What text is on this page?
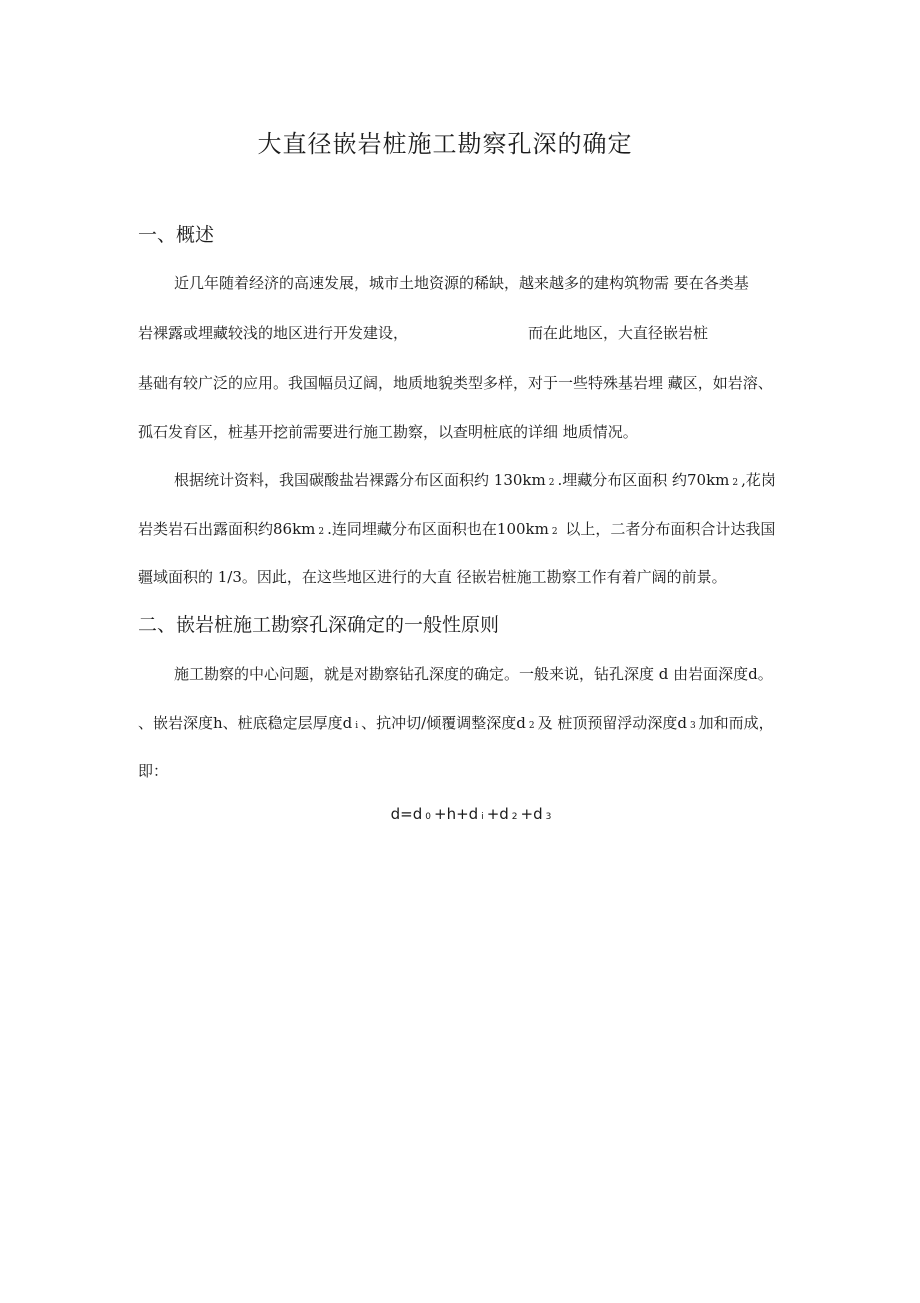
大直径嵌岩桩施工勘察孔深的确定
一、概述
近几年随着经济的高速发展，城市土地资源的稀缺，越来越多的建构筑物需 要在各类基
岩裸露或埋藏较浅的地区进行开发建设，	而在此地区，大直径嵌岩桩
基础有较广泛的应用。我国幅员辽阔，地质地貌类型多样，对于一些特殊基岩埋 藏区，如岩溶、
孤石发育区，桩基开挖前需要进行施工勘察，以查明桩底的详细 地质情况。
根据统计资料，我国碳酸盐岩裸露分布区面积约 130km 2 .埋藏分布区面积 约70km 2 ,花岗
岩类岩石出露面积约86km 2 .连同埋藏分布区面积也在100km 2 以上，二者分布面积合计达我国
疆域面积的 1/3。因此，在这些地区进行的大直 径嵌岩桩施工勘察工作有着广阔的前景。
二、嵌岩桩施工勘察孔深确定的一般性原则
施工勘察的中心问题，就是对勘察钻孔深度的确定。一般来说，钻孔深度 d 由岩面深度d。
、嵌岩深度h、桩底稳定层厚度d i 、抗冲切/倾覆调整深度d 2 及 桩顶预留浮动深度d 3 加和而成，
即：
d=d 0 +h+d i +d 2 +d 3
